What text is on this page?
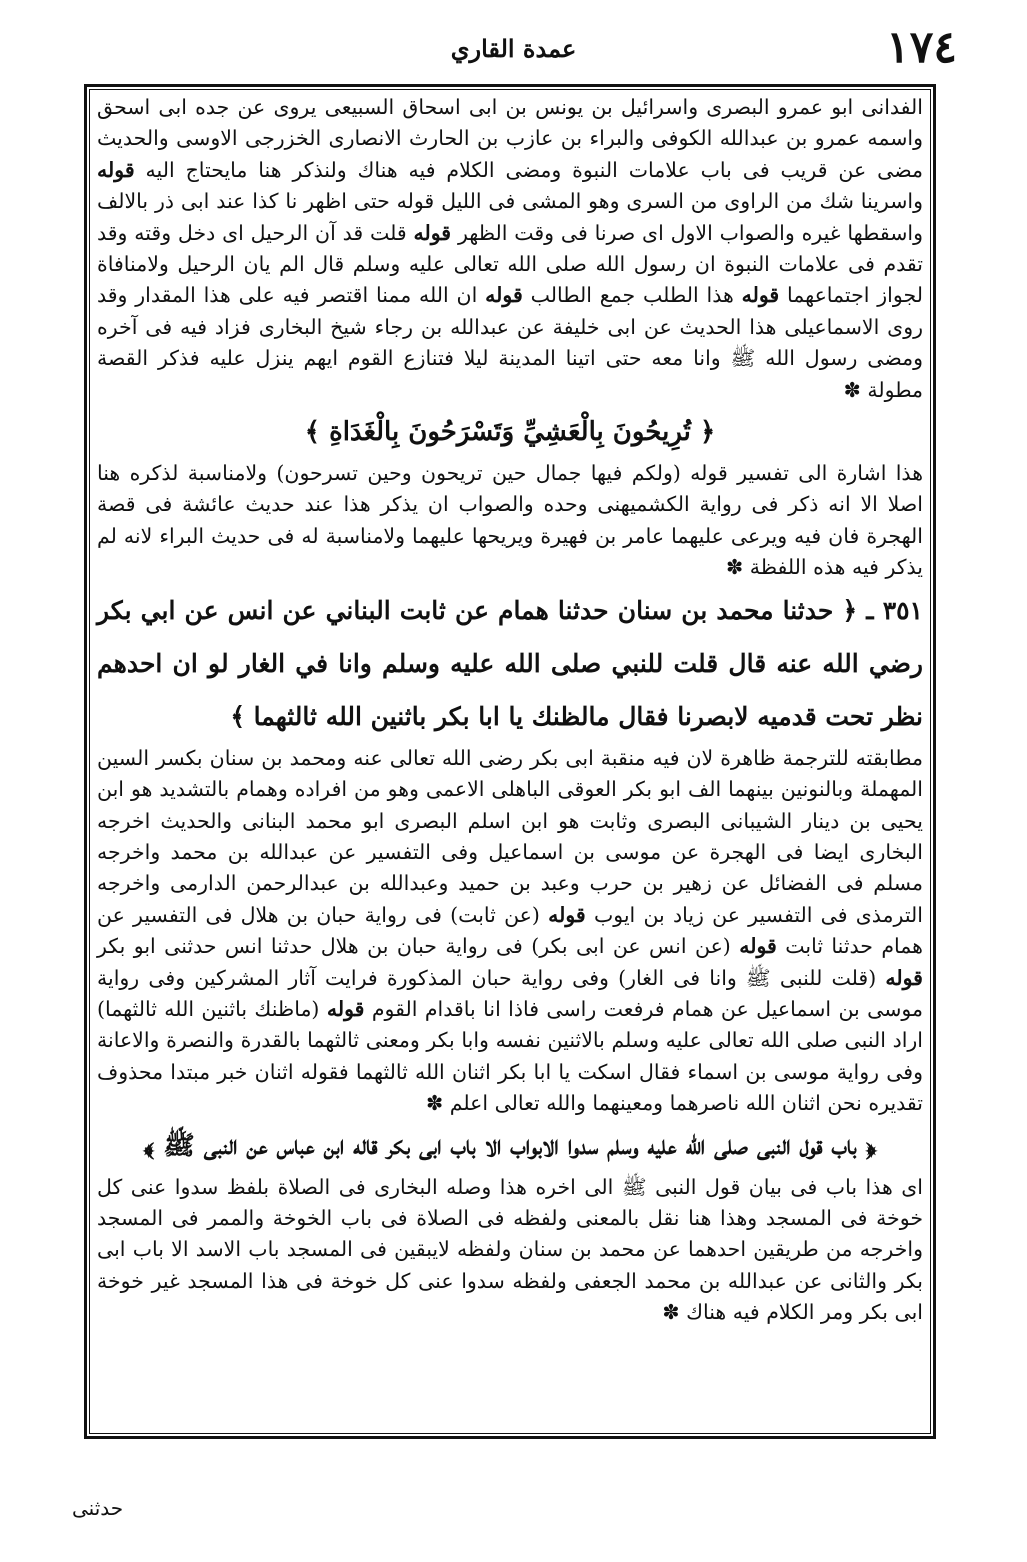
عمدة القاري	١٧٤

الفدانى ابو عمرو البصرى واسرائيل بن يونس بن ابى اسحاق السبيعى يروى عن جده ابى اسحق واسمه عمرو بن عبدالله الكوفى والبراء بن عازب بن الحارث الانصارى الخزرجى الاوسى والحديث مضى عن قريب فى باب علامات النبوة ومضى الكلام فيه هناك ولنذكر هنا مايحتاج اليه قوله واسرينا شك من الراوى من السرى وهو المشى فى الليل قوله حتى اظهر نا كذا عند ابى ذر بالالف واسقطها غيره والصواب الاول اى صرنا فى وقت الظهر قوله قلت قد آن الرحيل اى دخل وقته وقد تقدم فى علامات النبوة ان رسول الله صلى الله تعالى عليه وسلم قال الم يان الرحيل ولامنافاة لجواز اجتماعهما قوله هذا الطلب جمع الطالب قوله ان الله ممنا اقتصر فيه على هذا المقدار وقد روى الاسماعيلى هذا الحديث عن ابى خليفة عن عبدالله بن رجاء شيخ البخارى فزاد فيه فى آخره ومضى رسول الله ﷺ وانا معه حتى اتينا المدينة ليلا فتنازع القوم ايهم ينزل عليه فذكر القصة مطولة ✽

﴿ تُرِيحُونَ بِالْعَشِيِّ وَتَسْرَحُونَ بِالْغَدَاةِ ﴾

هذا اشارة الى تفسير قوله (ولكم فيها جمال حين تريحون وحين تسرحون) ولامناسبة لذكره هنا اصلا الا انه ذكر فى رواية الكشميهنى وحده والصواب ان يذكر هذا عند حديث عائشة فى قصة الهجرة فان فيه ويرعى عليهما عامر بن فهيرة ويريحها عليهما ولامناسبة له فى حديث البراء لانه لم يذكر فيه هذه اللفظة ✽

٣٥١ ـ ﴿ حدثنا محمد بن سنان حدثنا همام عن ثابت البناني عن انس عن ابي بكر رضي الله عنه قال قلت للنبي صلى الله عليه وسلم وانا في الغار لو ان احدهم نظر تحت قدميه لابصرنا فقال مالظنك يا ابا بكر باثنين الله ثالثهما ﴾

مطابقته للترجمة ظاهرة لان فيه منقبة ابى بكر رضى الله تعالى عنه ومحمد بن سنان بكسر السين المهملة وبالنونين بينهما الف ابو بكر العوقى الباهلى الاعمى وهو من افراده وهمام بالتشديد هو ابن يحيى بن دينار الشيبانى البصرى وثابت هو ابن اسلم البصرى ابو محمد البنانى والحديث اخرجه البخارى ايضا فى الهجرة عن موسى بن اسماعيل وفى التفسير عن عبدالله بن محمد واخرجه مسلم فى الفضائل عن زهير بن حرب وعبد بن حميد وعبدالله بن عبدالرحمن الدارمى واخرجه الترمذى فى التفسير عن زياد بن ايوب قوله (عن ثابت) فى رواية حبان بن هلال فى التفسير عن همام حدثنا ثابت قوله (عن انس عن ابى بكر) فى رواية حبان بن هلال حدثنا انس حدثنى ابو بكر قوله (قلت للنبى ﷺ وانا فى الغار) وفى رواية حبان المذكورة فرايت آثار المشركين وفى رواية موسى بن اسماعيل عن همام فرفعت راسى فاذا انا باقدام القوم قوله (ماظنك باثنين الله ثالثهما) اراد النبى صلى الله تعالى عليه وسلم بالاثنين نفسه وابا بكر ومعنى ثالثهما بالقدرة والنصرة والاعانة وفى رواية موسى بن اسماء فقال اسكت يا ابا بكر اثنان الله ثالثهما فقوله اثنان خبر مبتدا محذوف تقديره نحن اثنان الله ناصرهما ومعينهما والله تعالى اعلم ✽

﴿ باب قول النبى صلى الله عليه وسلم سدوا الابواب الا باب ابى بكر قاله ابن عباس عن النبى ﷺ ﴾

اى هذا باب فى بيان قول النبى ﷺ الى اخره هذا وصله البخارى فى الصلاة بلفظ سدوا عنى كل خوخة فى المسجد وهذا هنا نقل بالمعنى ولفظه فى الصلاة فى باب الخوخة والممر فى المسجد واخرجه من طريقين احدهما عن محمد بن سنان ولفظه لايبقين فى المسجد باب الاسد الا باب ابى بكر والثانى عن عبدالله بن محمد الجعفى ولفظه سدوا عنى كل خوخة فى هذا المسجد غير خوخة ابى بكر ومر الكلام فيه هناك ✽

حدثنى
